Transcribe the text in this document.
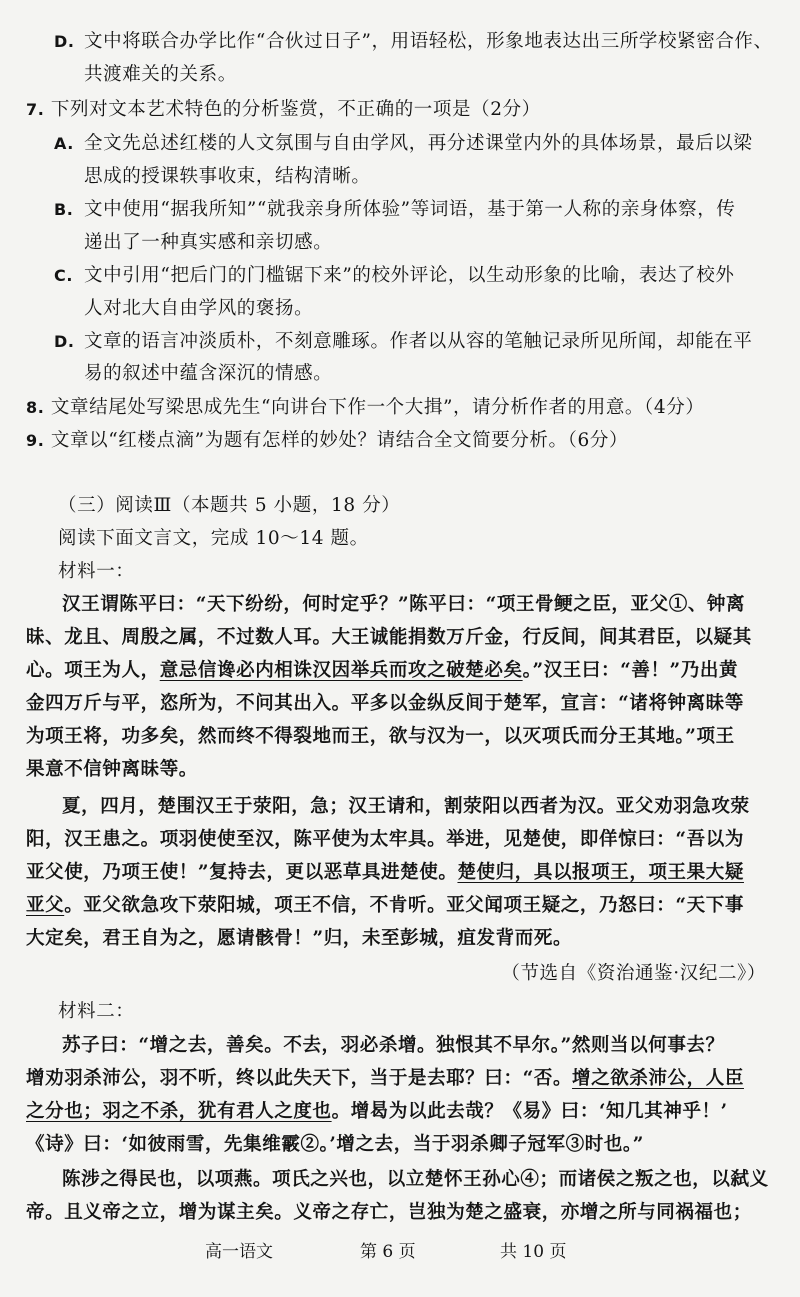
D. 文中将联合办学比作“合伙过日子”，用语轻松，形象地表达出三所学校紧密合作、
共渡难关的关系。
7. 下列对文本艺术特色的分析鉴赏，不正确的一项是（2分）
A. 全文先总述红楼的人文氛围与自由学风，再分述课堂内外的具体场景，最后以梁
思成的授课轶事收束，结构清晰。
B. 文中使用“据我所知”“就我亲身所体验”等词语，基于第一人称的亲身体察，传
递出了一种真实感和亲切感。
C. 文中引用“把后门的门槛锯下来”的校外评论，以生动形象的比喻，表达了校外
人对北大自由学风的褒扬。
D. 文章的语言冲淡质朴，不刻意雕琢。作者以从容的笔触记录所见所闻，却能在平
易的叙述中蕴含深沉的情感。
8. 文章结尾处写梁思成先生“向讲台下作一个大揖”，请分析作者的用意。（4分）
9. 文章以“红楼点滴”为题有怎样的妙处？请结合全文简要分析。（6分）
（三）阅读Ⅲ（本题共 5 小题，18 分）
阅读下面文言文，完成 10～14 题。
材料一：
汉王谓陈平曰：“天下纷纷，何时定乎？”陈平曰：“项王骨鲠之臣，亚父①、钟离
昧、龙且、周殷之属，不过数人耳。大王诚能捐数万斤金，行反间，间其君臣，以疑其
心。项王为人，意忌信谗必内相诛汉因举兵而攻之破楚必矣。”汉王曰：“善！”乃出黄
金四万斤与平，恣所为，不问其出入。平多以金纵反间于楚军，宣言：“诸将钟离昧等
为项王将，功多矣，然而终不得裂地而王，欲与汉为一，以灭项氏而分王其地。”项王
果意不信钟离昧等。
夏，四月，楚围汉王于荥阳，急；汉王请和，割荥阳以西者为汉。亚父劝羽急攻荥
阳，汉王患之。项羽使使至汉，陈平使为太牢具。举进，见楚使，即佯惊曰：“吾以为
亚父使，乃项王使！”复持去，更以恶草具进楚使。楚使归，具以报项王，项王果大疑
亚父。亚父欲急攻下荥阳城，项王不信，不肯听。亚父闻项王疑之，乃怒曰：“天下事
大定矣，君王自为之，愿请骸骨！”归，未至彭城，疽发背而死。
（节选自《资治通鉴·汉纪二》）
材料二：
苏子曰：“增之去，善矣。不去，羽必杀增。独恨其不早尔。”然则当以何事去？
增劝羽杀沛公，羽不听，终以此失天下，当于是去耶？曰：“否。增之欲杀沛公，人臣
之分也；羽之不杀，犹有君人之度也。增曷为以此去哉？《易》曰：‘知几其神乎！’
《诗》曰：‘如彼雨雪，先集维霰②。’增之去，当于羽杀卿子冠军③时也。”
陈涉之得民也，以项燕。项氏之兴也，以立楚怀王孙心④；而诸侯之叛之也，以弑义
帝。且义帝之立，增为谋主矣。义帝之存亡，岂独为楚之盛衰，亦增之所与同祸福也；
高一语文	第 6 页	共 10 页
